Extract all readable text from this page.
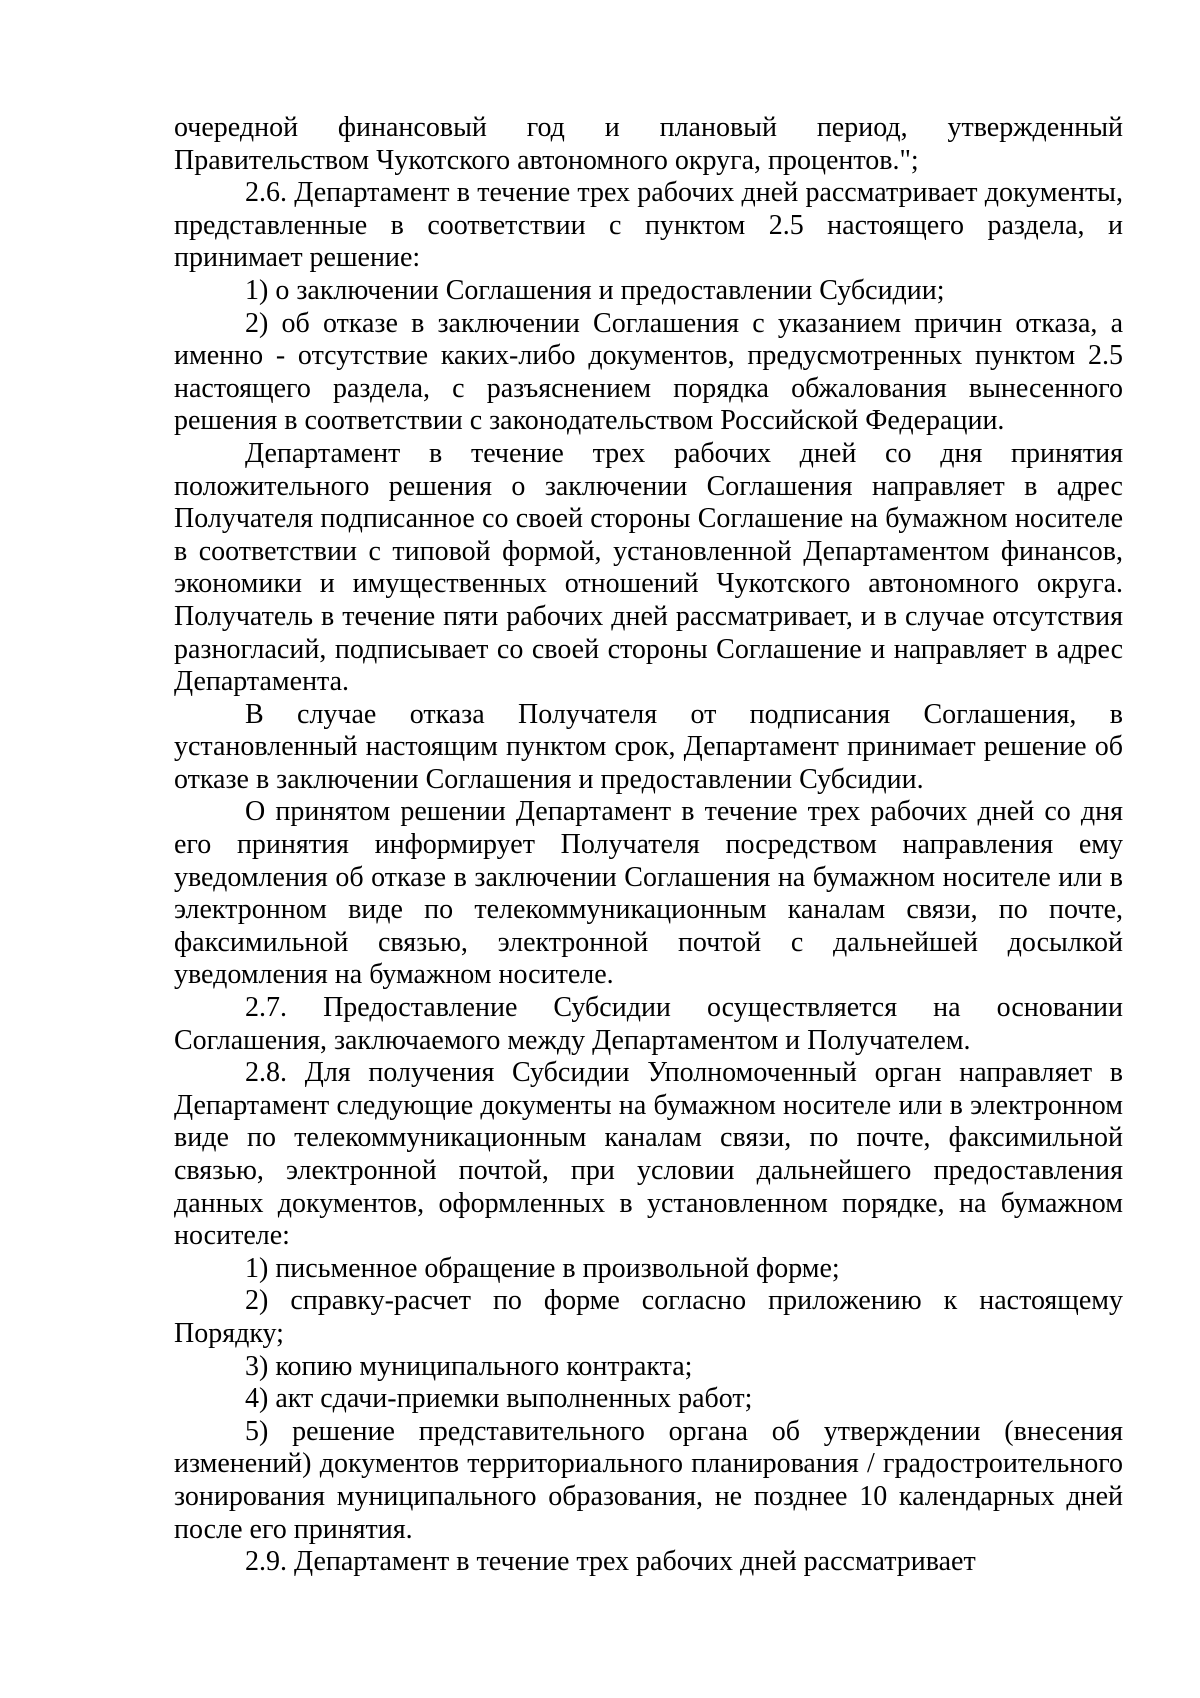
очередной финансовый год и плановый период, утвержденный Правительством Чукотского автономного округа, процентов.";

2.6. Департамент в течение трех рабочих дней рассматривает документы, представленные в соответствии с пунктом 2.5 настоящего раздела, и принимает решение:

1) о заключении Соглашения и предоставлении Субсидии;

2) об отказе в заключении Соглашения с указанием причин отказа, а именно - отсутствие каких-либо документов, предусмотренных пунктом 2.5 настоящего раздела, с разъяснением порядка обжалования вынесенного решения в соответствии с законодательством Российской Федерации.

Департамент в течение трех рабочих дней со дня принятия положительного решения о заключении Соглашения направляет в адрес Получателя подписанное со своей стороны Соглашение на бумажном носителе в соответствии с типовой формой, установленной Департаментом финансов, экономики и имущественных отношений Чукотского автономного округа. Получатель в течение пяти рабочих дней рассматривает, и в случае отсутствия разногласий, подписывает со своей стороны Соглашение и направляет в адрес Департамента.

В случае отказа Получателя от подписания Соглашения, в установленный настоящим пунктом срок, Департамент принимает решение об отказе в заключении Соглашения и предоставлении Субсидии.

О принятом решении Департамент в течение трех рабочих дней со дня его принятия информирует Получателя посредством направления ему уведомления об отказе в заключении Соглашения на бумажном носителе или в электронном виде по телекоммуникационным каналам связи, по почте, факсимильной связью, электронной почтой с дальнейшей досылкой уведомления на бумажном носителе.

2.7. Предоставление Субсидии осуществляется на основании Соглашения, заключаемого между Департаментом и Получателем.

2.8. Для получения Субсидии Уполномоченный орган направляет в Департамент следующие документы на бумажном носителе или в электронном виде по телекоммуникационным каналам связи, по почте, факсимильной связью, электронной почтой, при условии дальнейшего предоставления данных документов, оформленных в установленном порядке, на бумажном носителе:

1) письменное обращение в произвольной форме;

2) справку-расчет по форме согласно приложению к настоящему Порядку;

3) копию муниципального контракта;

4) акт сдачи-приемки выполненных работ;

5) решение представительного органа об утверждении (внесения изменений) документов территориального планирования / градостроительного зонирования муниципального образования, не позднее 10 календарных дней после его принятия.

2.9. Департамент в течение трех рабочих дней рассматривает
